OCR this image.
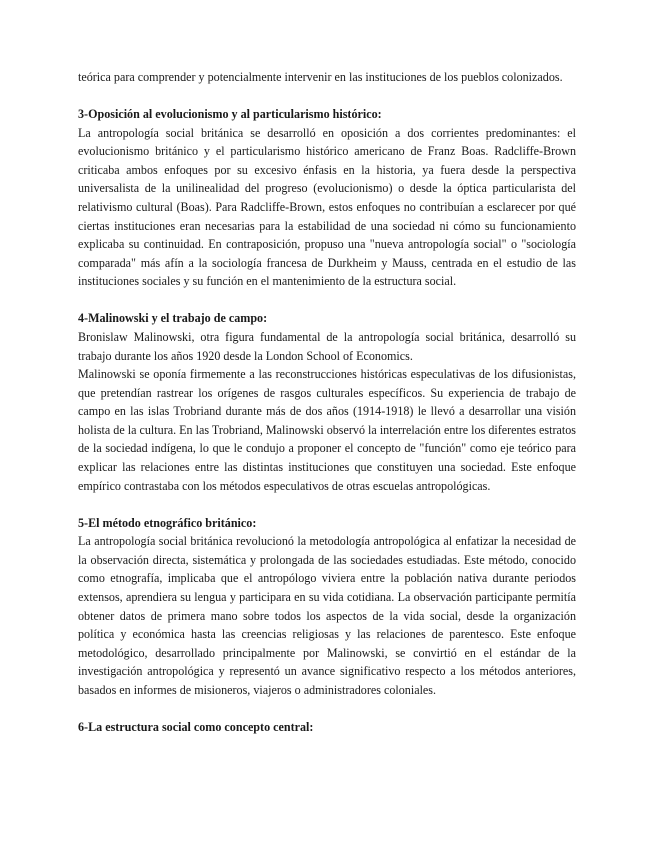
teórica para comprender y potencialmente intervenir en las instituciones de los pueblos colonizados.

3-Oposición al evolucionismo y al particularismo histórico:

La antropología social británica se desarrolló en oposición a dos corrientes predominantes: el evolucionismo británico y el particularismo histórico americano de Franz Boas. Radcliffe-Brown criticaba ambos enfoques por su excesivo énfasis en la historia, ya fuera desde la perspectiva universalista de la unilinealidad del progreso (evolucionismo) o desde la óptica particularista del relativismo cultural (Boas). Para Radcliffe-Brown, estos enfoques no contribuían a esclarecer por qué ciertas instituciones eran necesarias para la estabilidad de una sociedad ni cómo su funcionamiento explicaba su continuidad. En contraposición, propuso una "nueva antropología social" o "sociología comparada" más afín a la sociología francesa de Durkheim y Mauss, centrada en el estudio de las instituciones sociales y su función en el mantenimiento de la estructura social.

4-Malinowski y el trabajo de campo:

Bronislaw Malinowski, otra figura fundamental de la antropología social británica, desarrolló su trabajo durante los años 1920 desde la London School of Economics.

Malinowski se oponía firmemente a las reconstrucciones históricas especulativas de los difusionistas, que pretendían rastrear los orígenes de rasgos culturales específicos. Su experiencia de trabajo de campo en las islas Trobriand durante más de dos años (1914-1918) le llevó a desarrollar una visión holista de la cultura. En las Trobriand, Malinowski observó la interrelación entre los diferentes estratos de la sociedad indígena, lo que le condujo a proponer el concepto de "función" como eje teórico para explicar las relaciones entre las distintas instituciones que constituyen una sociedad. Este enfoque empírico contrastaba con los métodos especulativos de otras escuelas antropológicas.

5-El método etnográfico británico:

La antropología social británica revolucionó la metodología antropológica al enfatizar la necesidad de la observación directa, sistemática y prolongada de las sociedades estudiadas. Este método, conocido como etnografía, implicaba que el antropólogo viviera entre la población nativa durante periodos extensos, aprendiera su lengua y participara en su vida cotidiana. La observación participante permitía obtener datos de primera mano sobre todos los aspectos de la vida social, desde la organización política y económica hasta las creencias religiosas y las relaciones de parentesco. Este enfoque metodológico, desarrollado principalmente por Malinowski, se convirtió en el estándar de la investigación antropológica y representó un avance significativo respecto a los métodos anteriores, basados en informes de misioneros, viajeros o administradores coloniales.

6-La estructura social como concepto central:
